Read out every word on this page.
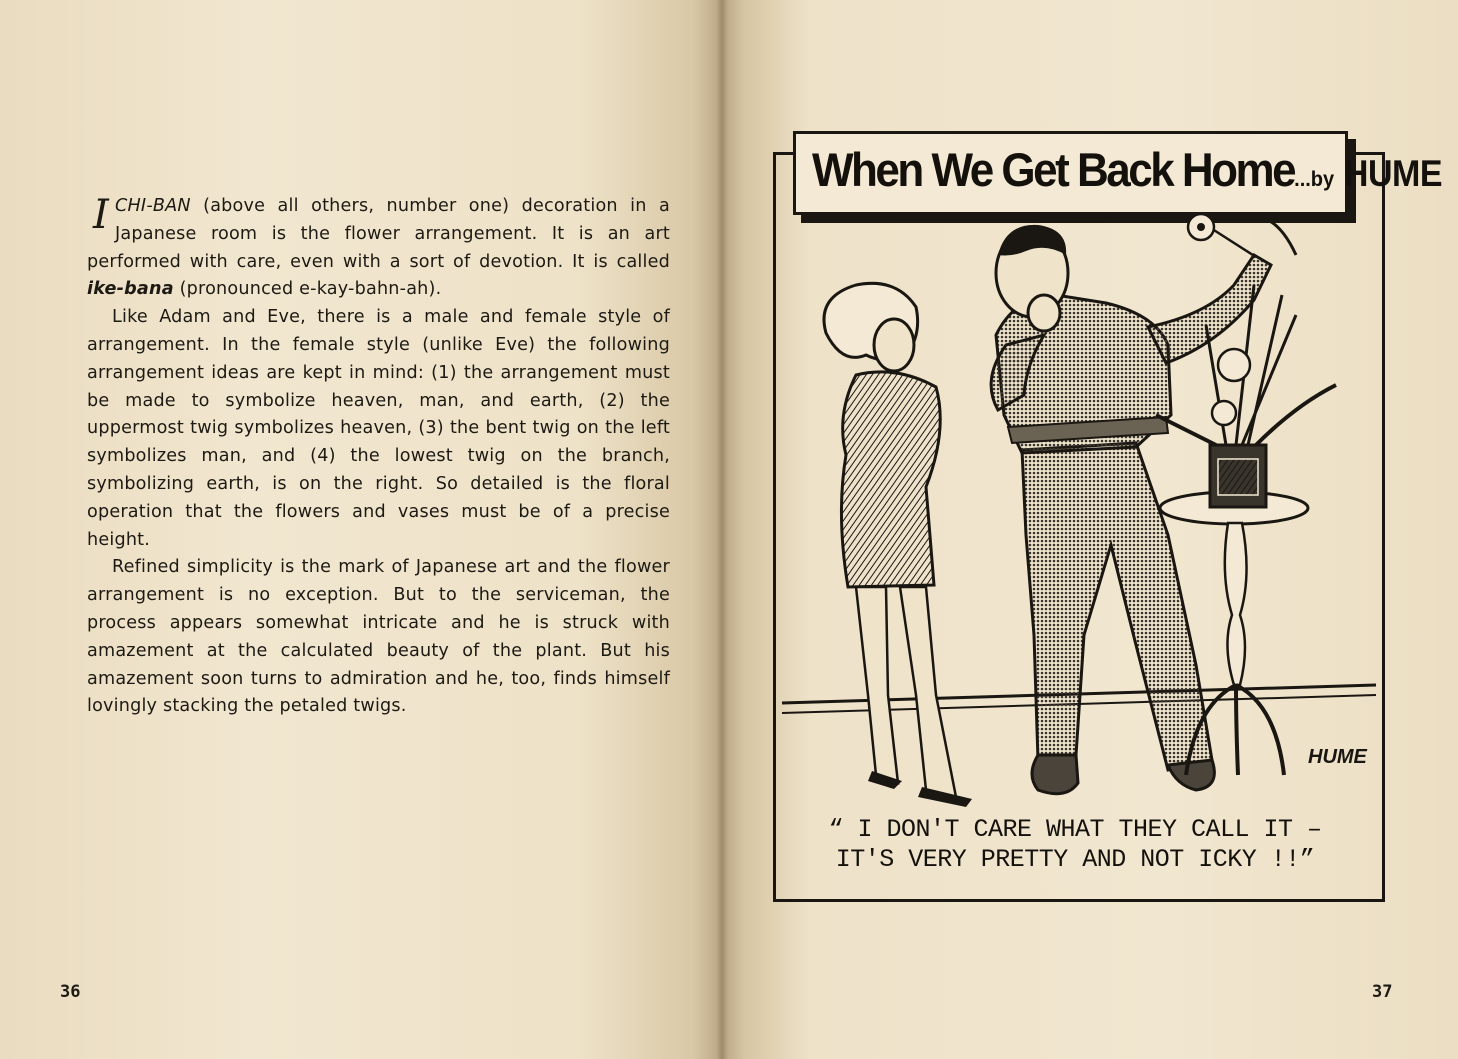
ICHI-BAN (above all others, number one) decoration in a Japanese room is the flower arrangement. It is an art performed with care, even with a sort of devotion. It is called ike-bana (pronounced e-kay-bahn-ah).

Like Adam and Eve, there is a male and female style of arrangement. In the female style (unlike Eve) the following arrangement ideas are kept in mind: (1) the arrangement must be made to symbolize heaven, man, and earth, (2) the uppermost twig symbolizes heaven, (3) the bent twig on the left symbolizes man, and (4) the lowest twig on the branch, symbolizing earth, is on the right. So detailed is the floral operation that the flowers and vases must be of a precise height.

Refined simplicity is the mark of Japanese art and the flower arrangement is no exception. But to the serviceman, the process appears somewhat intricate and he is struck with amazement at the calculated beauty of the plant. But his amazement soon turns to admiration and he, too, finds himself lovingly stacking the petaled twigs.

36
When We Get Back Home...by HUME
HUME
“ I DON'T CARE WHAT THEY CALL IT –
IT'S VERY PRETTY AND NOT ICKY !!”
37
